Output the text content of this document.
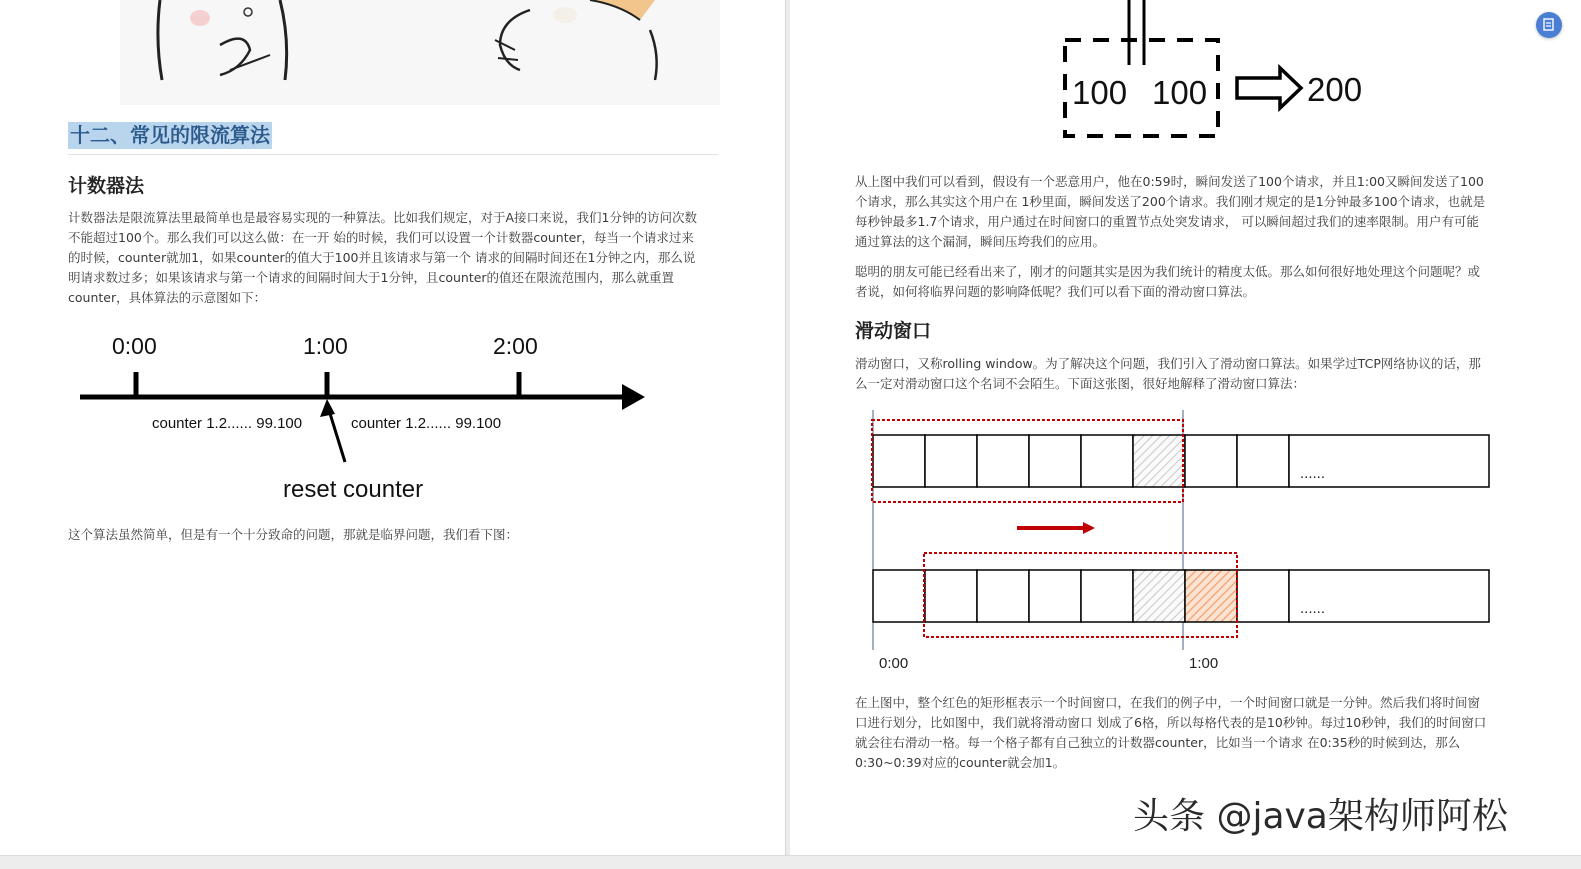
十二、常见的限流算法
计数器法
计数器法是限流算法里最简单也是最容易实现的一种算法。比如我们规定，对于A接口来说，我们1分钟的访问次数
不能超过100个。那么我们可以这么做：在一开 始的时候，我们可以设置一个计数器counter，每当一个请求过来
的时候，counter就加1，如果counter的值大于100并且该请求与第一个 请求的间隔时间还在1分钟之内，那么说
明请求数过多；如果该请求与第一个请求的间隔时间大于1分钟，且counter的值还在限流范围内，那么就重置
counter，具体算法的示意图如下：
0:00	1:00	2:00
counter 1.2...... 99.100	counter 1.2...... 99.100
reset counter
这个算法虽然简单，但是有一个十分致命的问题，那就是临界问题，我们看下图：
100 100	200
从上图中我们可以看到，假设有一个恶意用户，他在0:59时，瞬间发送了100个请求，并且1:00又瞬间发送了100
个请求，那么其实这个用户在 1秒里面，瞬间发送了200个请求。我们刚才规定的是1分钟最多100个请求，也就是
每秒钟最多1.7个请求，用户通过在时间窗口的重置节点处突发请求， 可以瞬间超过我们的速率限制。用户有可能
通过算法的这个漏洞，瞬间压垮我们的应用。
聪明的朋友可能已经看出来了，刚才的问题其实是因为我们统计的精度太低。那么如何很好地处理这个问题呢？或
者说，如何将临界问题的影响降低呢？我们可以看下面的滑动窗口算法。
滑动窗口
滑动窗口，又称rolling window。为了解决这个问题，我们引入了滑动窗口算法。如果学过TCP网络协议的话，那
么一定对滑动窗口这个名词不会陌生。下面这张图，很好地解释了滑动窗口算法：
......
......
0:00	1:00
在上图中，整个红色的矩形框表示一个时间窗口，在我们的例子中，一个时间窗口就是一分钟。然后我们将时间窗
口进行划分，比如图中，我们就将滑动窗口 划成了6格，所以每格代表的是10秒钟。每过10秒钟，我们的时间窗口
就会往右滑动一格。每一个格子都有自己独立的计数器counter，比如当一个请求 在0:35秒的时候到达，那么
0:30~0:39对应的counter就会加1。
头条 @java架构师阿松
